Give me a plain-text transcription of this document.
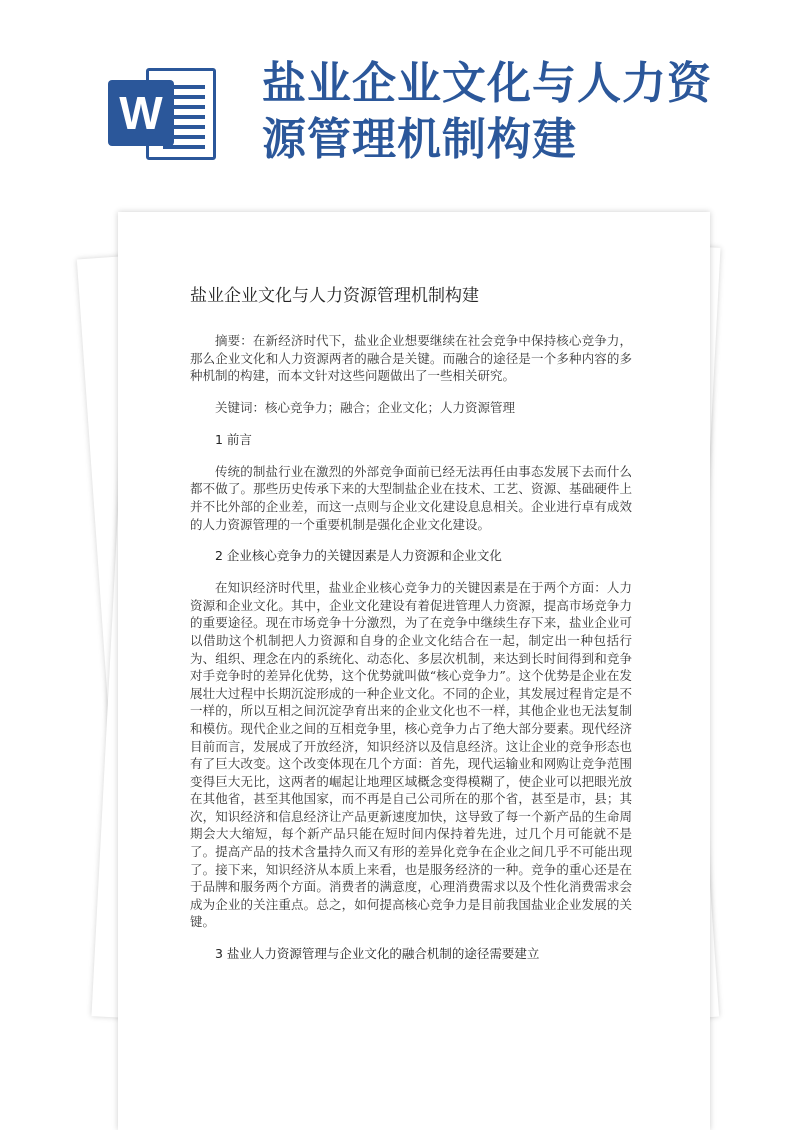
W
盐业企业文化与人力资源管理机制构建
盐业企业文化与人力资源管理机制构建

摘要：在新经济时代下，盐业企业想要继续在社会竞争中保持核心竞争力，那么企业文化和人力资源两者的融合是关键。而融合的途径是一个多种内容的多种机制的构建，而本文针对这些问题做出了一些相关研究。

关键词：核心竞争力；融合；企业文化；人力资源管理

1 前言

传统的制盐行业在激烈的外部竞争面前已经无法再任由事态发展下去而什么都不做了。那些历史传承下来的大型制盐企业在技术、工艺、资源、基础硬件上并不比外部的企业差，而这一点则与企业文化建设息息相关。企业进行卓有成效的人力资源管理的一个重要机制是强化企业文化建设。

2 企业核心竞争力的关键因素是人力资源和企业文化

在知识经济时代里，盐业企业核心竞争力的关键因素是在于两个方面：人力资源和企业文化。其中，企业文化建设有着促进管理人力资源，提高市场竞争力的重要途径。现在市场竞争十分激烈，为了在竞争中继续生存下来，盐业企业可以借助这个机制把人力资源和自身的企业文化结合在一起，制定出一种包括行为、组织、理念在内的系统化、动态化、多层次机制，来达到长时间得到和竞争对手竞争时的差异化优势，这个优势就叫做“核心竞争力”。这个优势是企业在发展壮大过程中长期沉淀形成的一种企业文化。不同的企业，其发展过程肯定是不一样的，所以互相之间沉淀孕育出来的企业文化也不一样，其他企业也无法复制和模仿。现代企业之间的互相竞争里，核心竞争力占了绝大部分要素。现代经济目前而言，发展成了开放经济，知识经济以及信息经济。这让企业的竞争形态也有了巨大改变。这个改变体现在几个方面：首先，现代运输业和网购让竞争范围变得巨大无比，这两者的崛起让地理区域概念变得模糊了，使企业可以把眼光放在其他省，甚至其他国家，而不再是自己公司所在的那个省，甚至是市，县；其次，知识经济和信息经济让产品更新速度加快，这导致了每一个新产品的生命周期会大大缩短，每个新产品只能在短时间内保持着先进，过几个月可能就不是了。提高产品的技术含量持久而又有形的差异化竞争在企业之间几乎不可能出现了。接下来，知识经济从本质上来看，也是服务经济的一种。竞争的重心还是在于品牌和服务两个方面。消费者的满意度，心理消费需求以及个性化消费需求会成为企业的关注重点。总之，如何提高核心竞争力是目前我国盐业企业发展的关键。

3 盐业人力资源管理与企业文化的融合机制的途径需要建立
